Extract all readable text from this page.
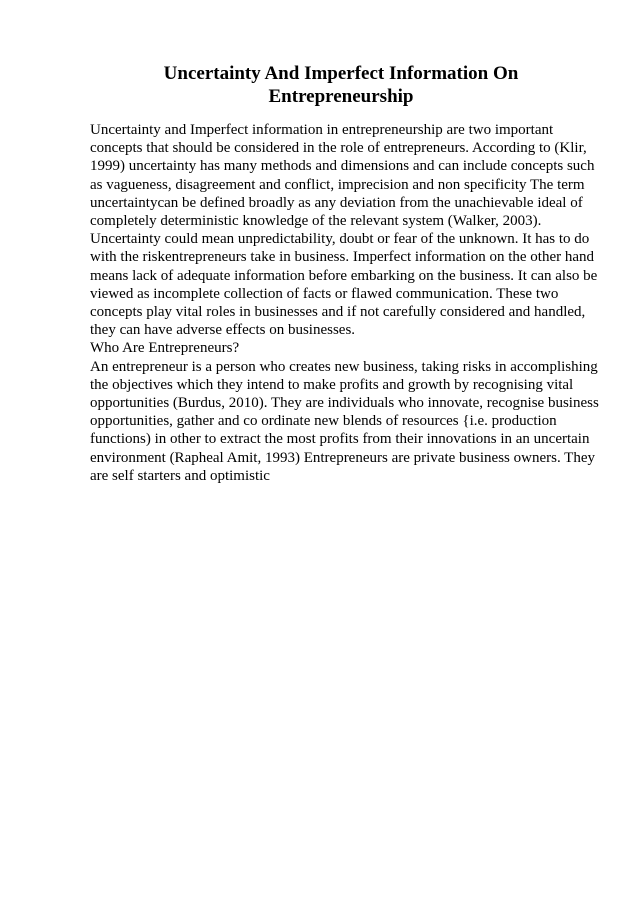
Uncertainty And Imperfect Information On
Entrepreneurship
Uncertainty and Imperfect information in entrepreneurship are two important
concepts that should be considered in the role of entrepreneurs. According to (Klir,
1999) uncertainty has many methods and dimensions and can include concepts such
as vagueness, disagreement and conflict, imprecision and non specificity The term
uncertaintycan be defined broadly as any deviation from the unachievable ideal of
completely deterministic knowledge of the relevant system (Walker, 2003).
Uncertainty could mean unpredictability, doubt or fear of the unknown. It has to do
with the riskentrepreneurs take in business. Imperfect information on the other hand
means lack of adequate information before embarking on the business. It can also be
viewed as incomplete collection of facts or flawed communication. These two
concepts play vital roles in businesses and if not carefully considered and handled,
they can have adverse effects on businesses.
Who Are Entrepreneurs?
An entrepreneur is a person who creates new business, taking risks in accomplishing
the objectives which they intend to make profits and growth by recognising vital
opportunities (Burdus, 2010). They are individuals who innovate, recognise business
opportunities, gather and co ordinate new blends of resources {i.e. production
functions) in other to extract the most profits from their innovations in an uncertain
environment (Rapheal Amit, 1993) Entrepreneurs are private business owners. They
are self starters and optimistic
